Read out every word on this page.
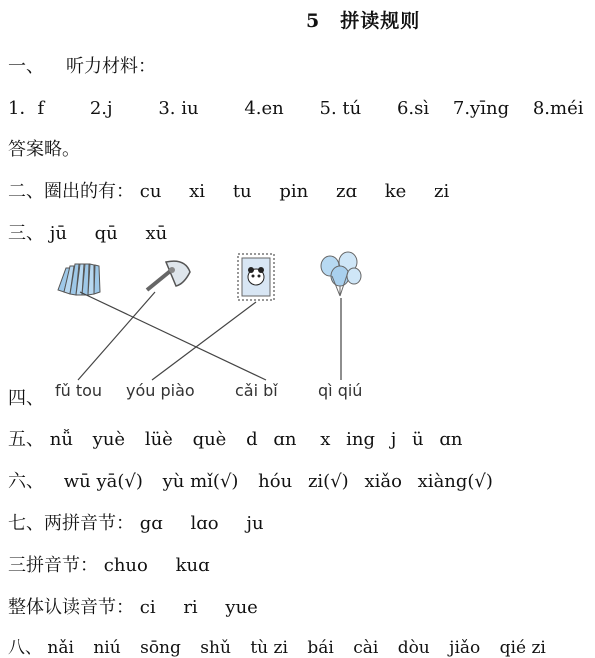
5　拼读规则
一、 听力材料：
1．f	2.j	3. iu	4.en 5. tú 6.sì 7.yīng 8.méi
答案略。
二、圈出的有： cu xi tu pin zɑ ke zi
三、 jū qū xū
四、 fǔ tou yóu piào	cǎi bǐ	qì qiú
五、 nǚ yuè lüè què d ɑn x ing j ü ɑn
六、 wū yā(√) yù mǐ(√) hóu zi(√) xiǎo xiàng(√)
七、两拼音节： gɑ lɑo ju
三拼音节： chuo kuɑ
整体认读音节： ci ri yue
八、 nǎi niú sōng shǔ tù zi bái cài dòu jiǎo qié zi
